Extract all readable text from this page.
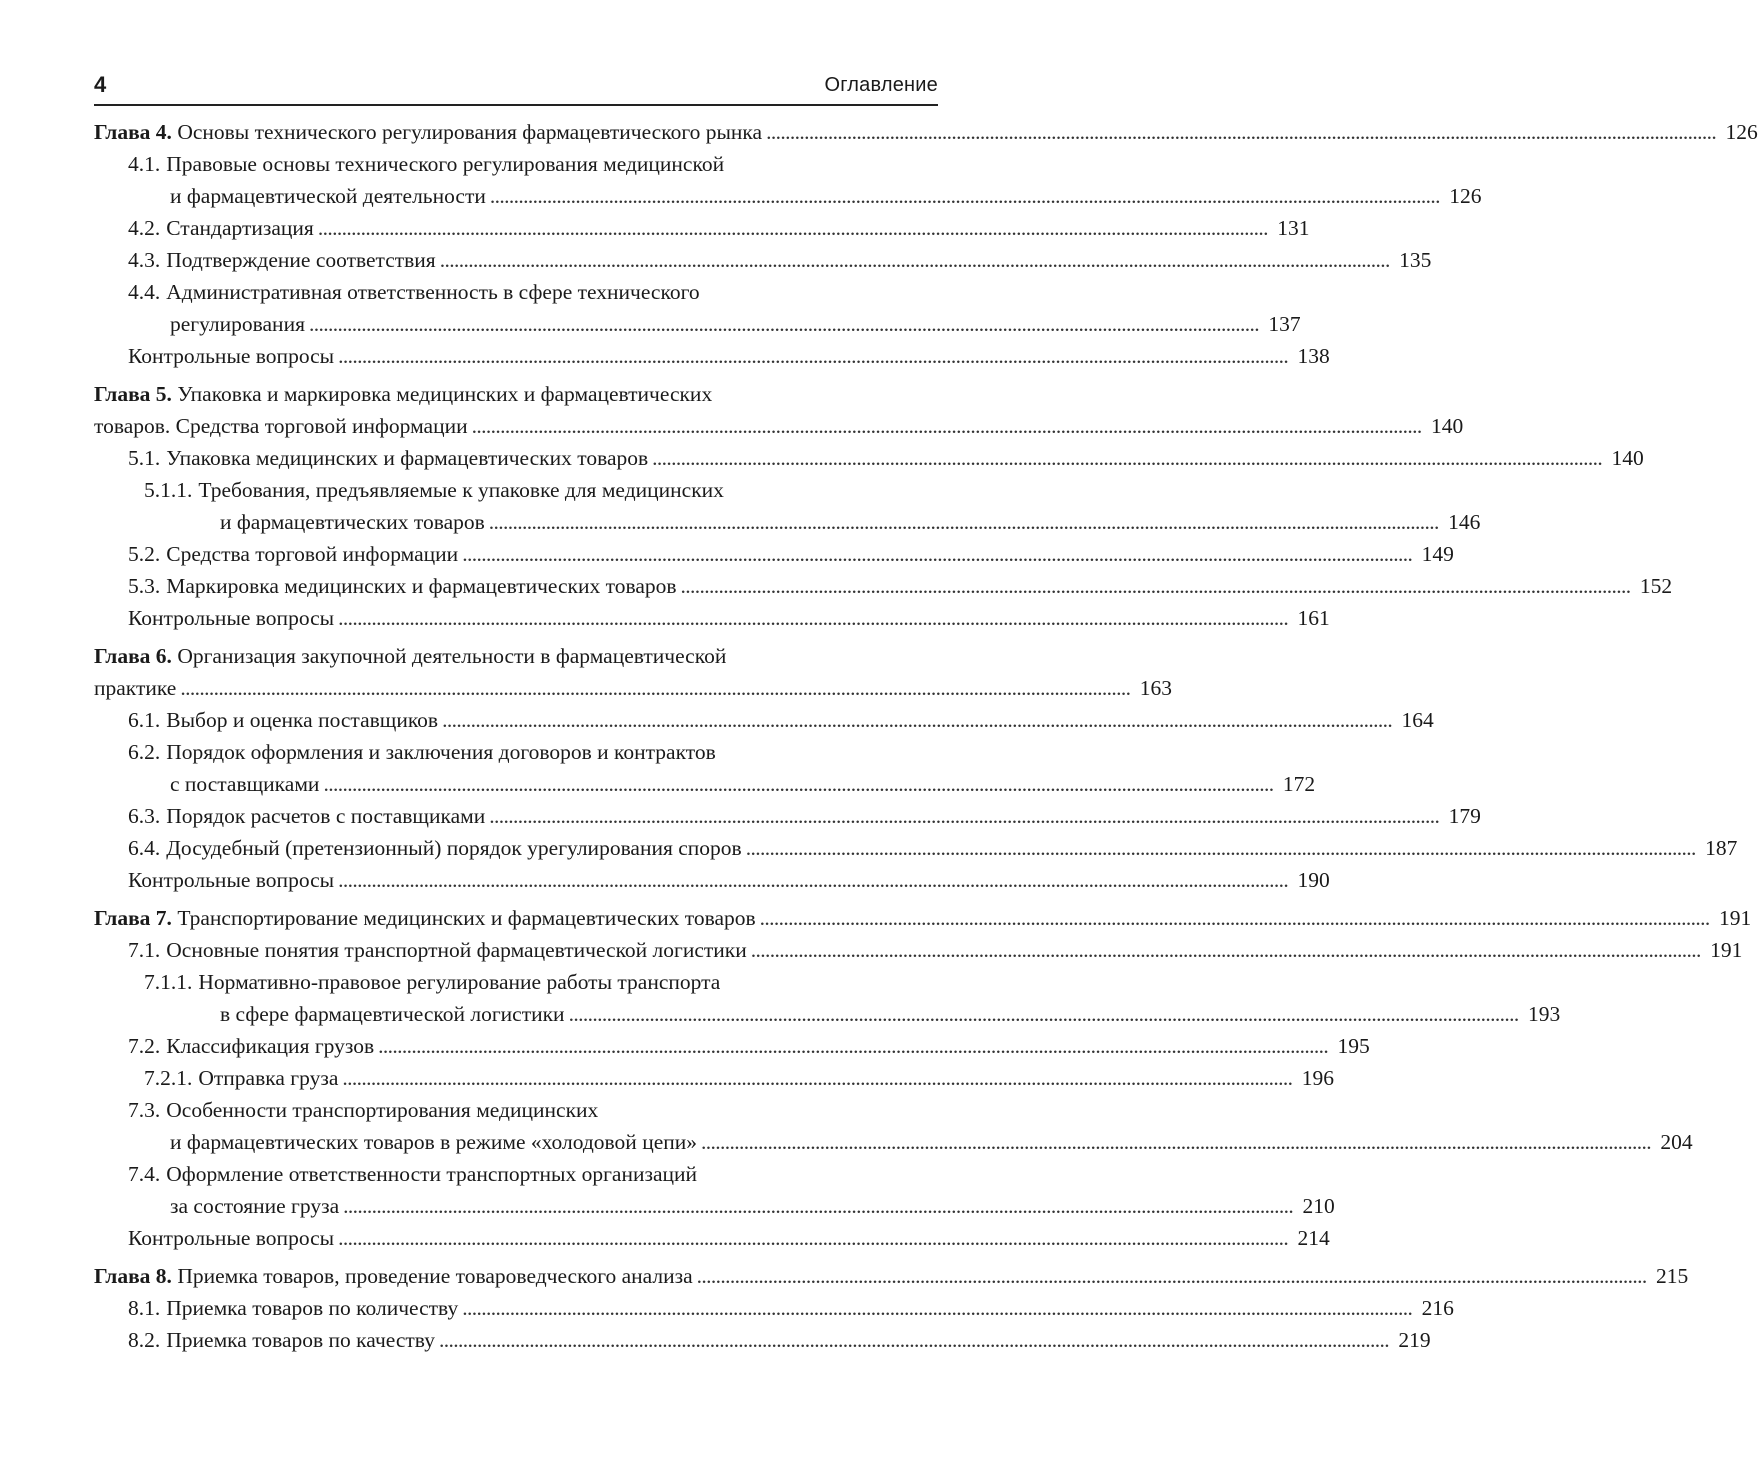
4	Оглавление
Глава 4. Основы технического регулирования фармацевтического рынка . . .	126
4.1. Правовые основы технического регулирования медицинской
и фармацевтической деятельности . . .	126
4.2. Стандартизация . . .	131
4.3. Подтверждение соответствия . . .	135
4.4. Административная ответственность в сфере технического
регулирования . . .	137
Контрольные вопросы . . .	138
Глава 5. Упаковка и маркировка медицинских и фармацевтических
товаров. Средства торговой информации . . .	140
5.1. Упаковка медицинских и фармацевтических товаров . . .	140
5.1.1. Требования, предъявляемые к упаковке для медицинских
и фармацевтических товаров . . .	146
5.2. Средства торговой информации . . .	149
5.3. Маркировка медицинских и фармацевтических товаров . . .	152
Контрольные вопросы . . .	161
Глава 6. Организация закупочной деятельности в фармацевтической
практике . . .	163
6.1. Выбор и оценка поставщиков . . .	164
6.2. Порядок оформления и заключения договоров и контрактов
с поставщиками . . .	172
6.3. Порядок расчетов с поставщиками . . .	179
6.4. Досудебный (претензионный) порядок урегулирования споров . . .	187
Контрольные вопросы . . .	190
Глава 7. Транспортирование медицинских и фармацевтических товаров . . .	191
7.1. Основные понятия транспортной фармацевтической логистики . . .	191
7.1.1. Нормативно-правовое регулирование работы транспорта
в сфере фармацевтической логистики . . .	193
7.2. Классификация грузов . . .	195
7.2.1. Отправка груза . . .	196
7.3. Особенности транспортирования медицинских
и фармацевтических товаров в режиме «холодовой цепи» . . .	204
7.4. Оформление ответственности транспортных организаций
за состояние груза . . .	210
Контрольные вопросы . . .	214
Глава 8. Приемка товаров, проведение товароведческого анализа . . .	215
8.1. Приемка товаров по количеству . . .	216
8.2. Приемка товаров по качеству . . .	219
